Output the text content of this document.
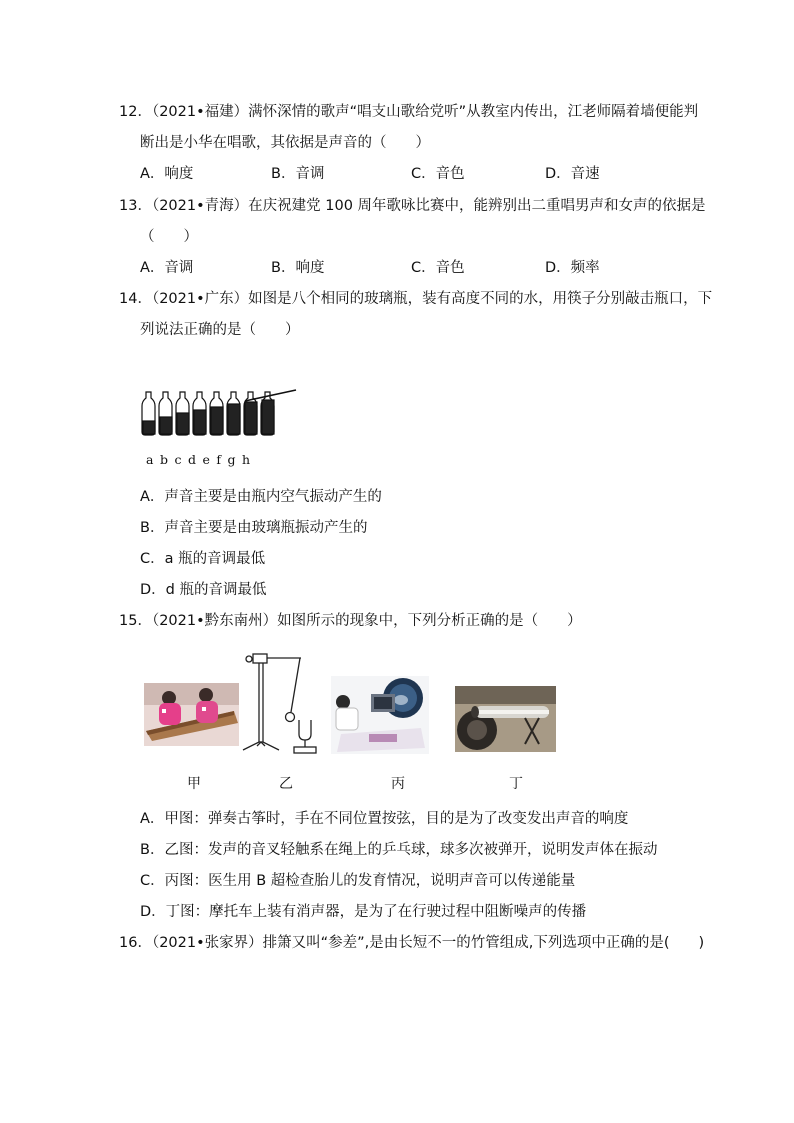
12．（2021•福建）满怀深情的歌声“唱支山歌给党听”从教室内传出，江老师隔着墙便能判
断出是小华在唱歌，其依据是声音的（　　）
A．响度	B．音调	C．音色	D．音速
13．（2021•青海）在庆祝建党 100 周年歌咏比赛中，能辨别出二重唱男声和女声的依据是
（　　）
A．音调	B．响度	C．音色	D．频率
14．（2021•广东）如图是八个相同的玻璃瓶，装有高度不同的水，用筷子分别敲击瓶口，下
列说法正确的是（　　）
abcdefgh
A．声音主要是由瓶内空气振动产生的
B．声音主要是由玻璃瓶振动产生的
C．a 瓶的音调最低
D．d 瓶的音调最低
15．（2021•黔东南州）如图所示的现象中，下列分析正确的是（　　）
甲	乙	丙	丁
A．甲图：弹奏古筝时，手在不同位置按弦，目的是为了改变发出声音的响度
B．乙图：发声的音叉轻触系在绳上的乒乓球，球多次被弹开，说明发声体在振动
C．丙图：医生用 B 超检查胎儿的发育情况，说明声音可以传递能量
D．丁图：摩托车上装有消声器，是为了在行驶过程中阻断噪声的传播
16．（2021•张家界）排箫又叫“参差”,是由长短不一的竹管组成,下列选项中正确的是(　　)
